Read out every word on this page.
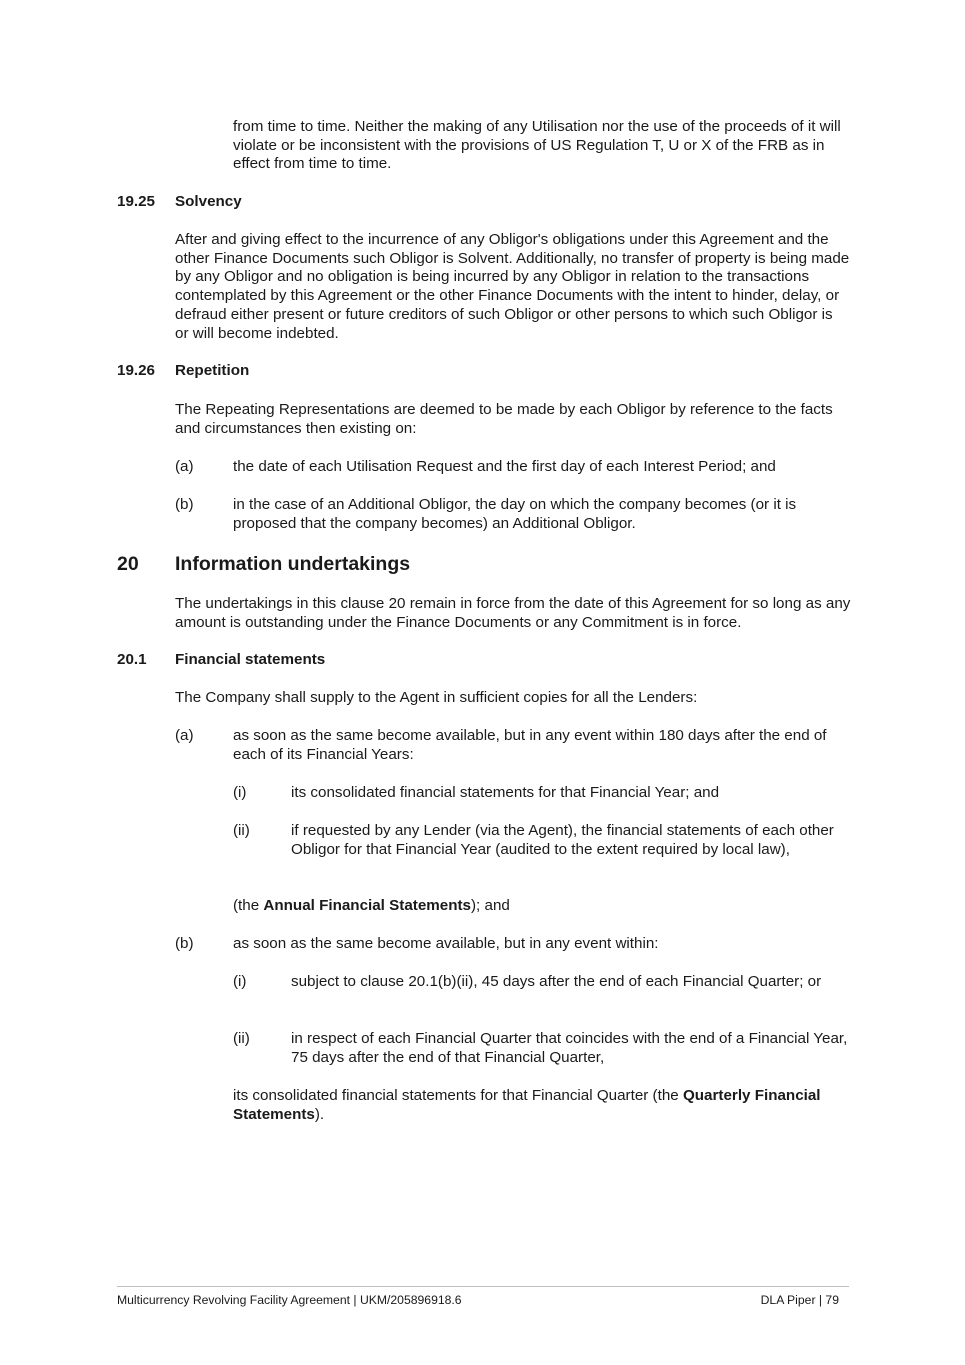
from time to time. Neither the making of any Utilisation nor the use of the proceeds of it will violate or be inconsistent with the provisions of US Regulation T, U or X of the FRB as in effect from time to time.

19.25 Solvency

After and giving effect to the incurrence of any Obligor's obligations under this Agreement and the other Finance Documents such Obligor is Solvent. Additionally, no transfer of property is being made by any Obligor and no obligation is being incurred by any Obligor in relation to the transactions contemplated by this Agreement or the other Finance Documents with the intent to hinder, delay, or defraud either present or future creditors of such Obligor or other persons to which such Obligor is or will become indebted.

19.26 Repetition

The Repeating Representations are deemed to be made by each Obligor by reference to the facts and circumstances then existing on:

(a)	the date of each Utilisation Request and the first day of each Interest Period; and

(b)	in the case of an Additional Obligor, the day on which the company becomes (or it is proposed that the company becomes) an Additional Obligor.

20 Information undertakings

The undertakings in this clause 20 remain in force from the date of this Agreement for so long as any amount is outstanding under the Finance Documents or any Commitment is in force.

20.1 Financial statements

The Company shall supply to the Agent in sufficient copies for all the Lenders:

(a)	as soon as the same become available, but in any event within 180 days after the end of each of its Financial Years:

(i)	its consolidated financial statements for that Financial Year; and

(ii)	if requested by any Lender (via the Agent), the financial statements of each other Obligor for that Financial Year (audited to the extent required by local law),

(the Annual Financial Statements); and

(b)	as soon as the same become available, but in any event within:

(i)	subject to clause 20.1(b)(ii), 45 days after the end of each Financial Quarter; or

(ii)	in respect of each Financial Quarter that coincides with the end of a Financial Year, 75 days after the end of that Financial Quarter,

its consolidated financial statements for that Financial Quarter (the Quarterly Financial Statements).

Multicurrency Revolving Facility Agreement | UKM/205896918.6	DLA Piper | 79
